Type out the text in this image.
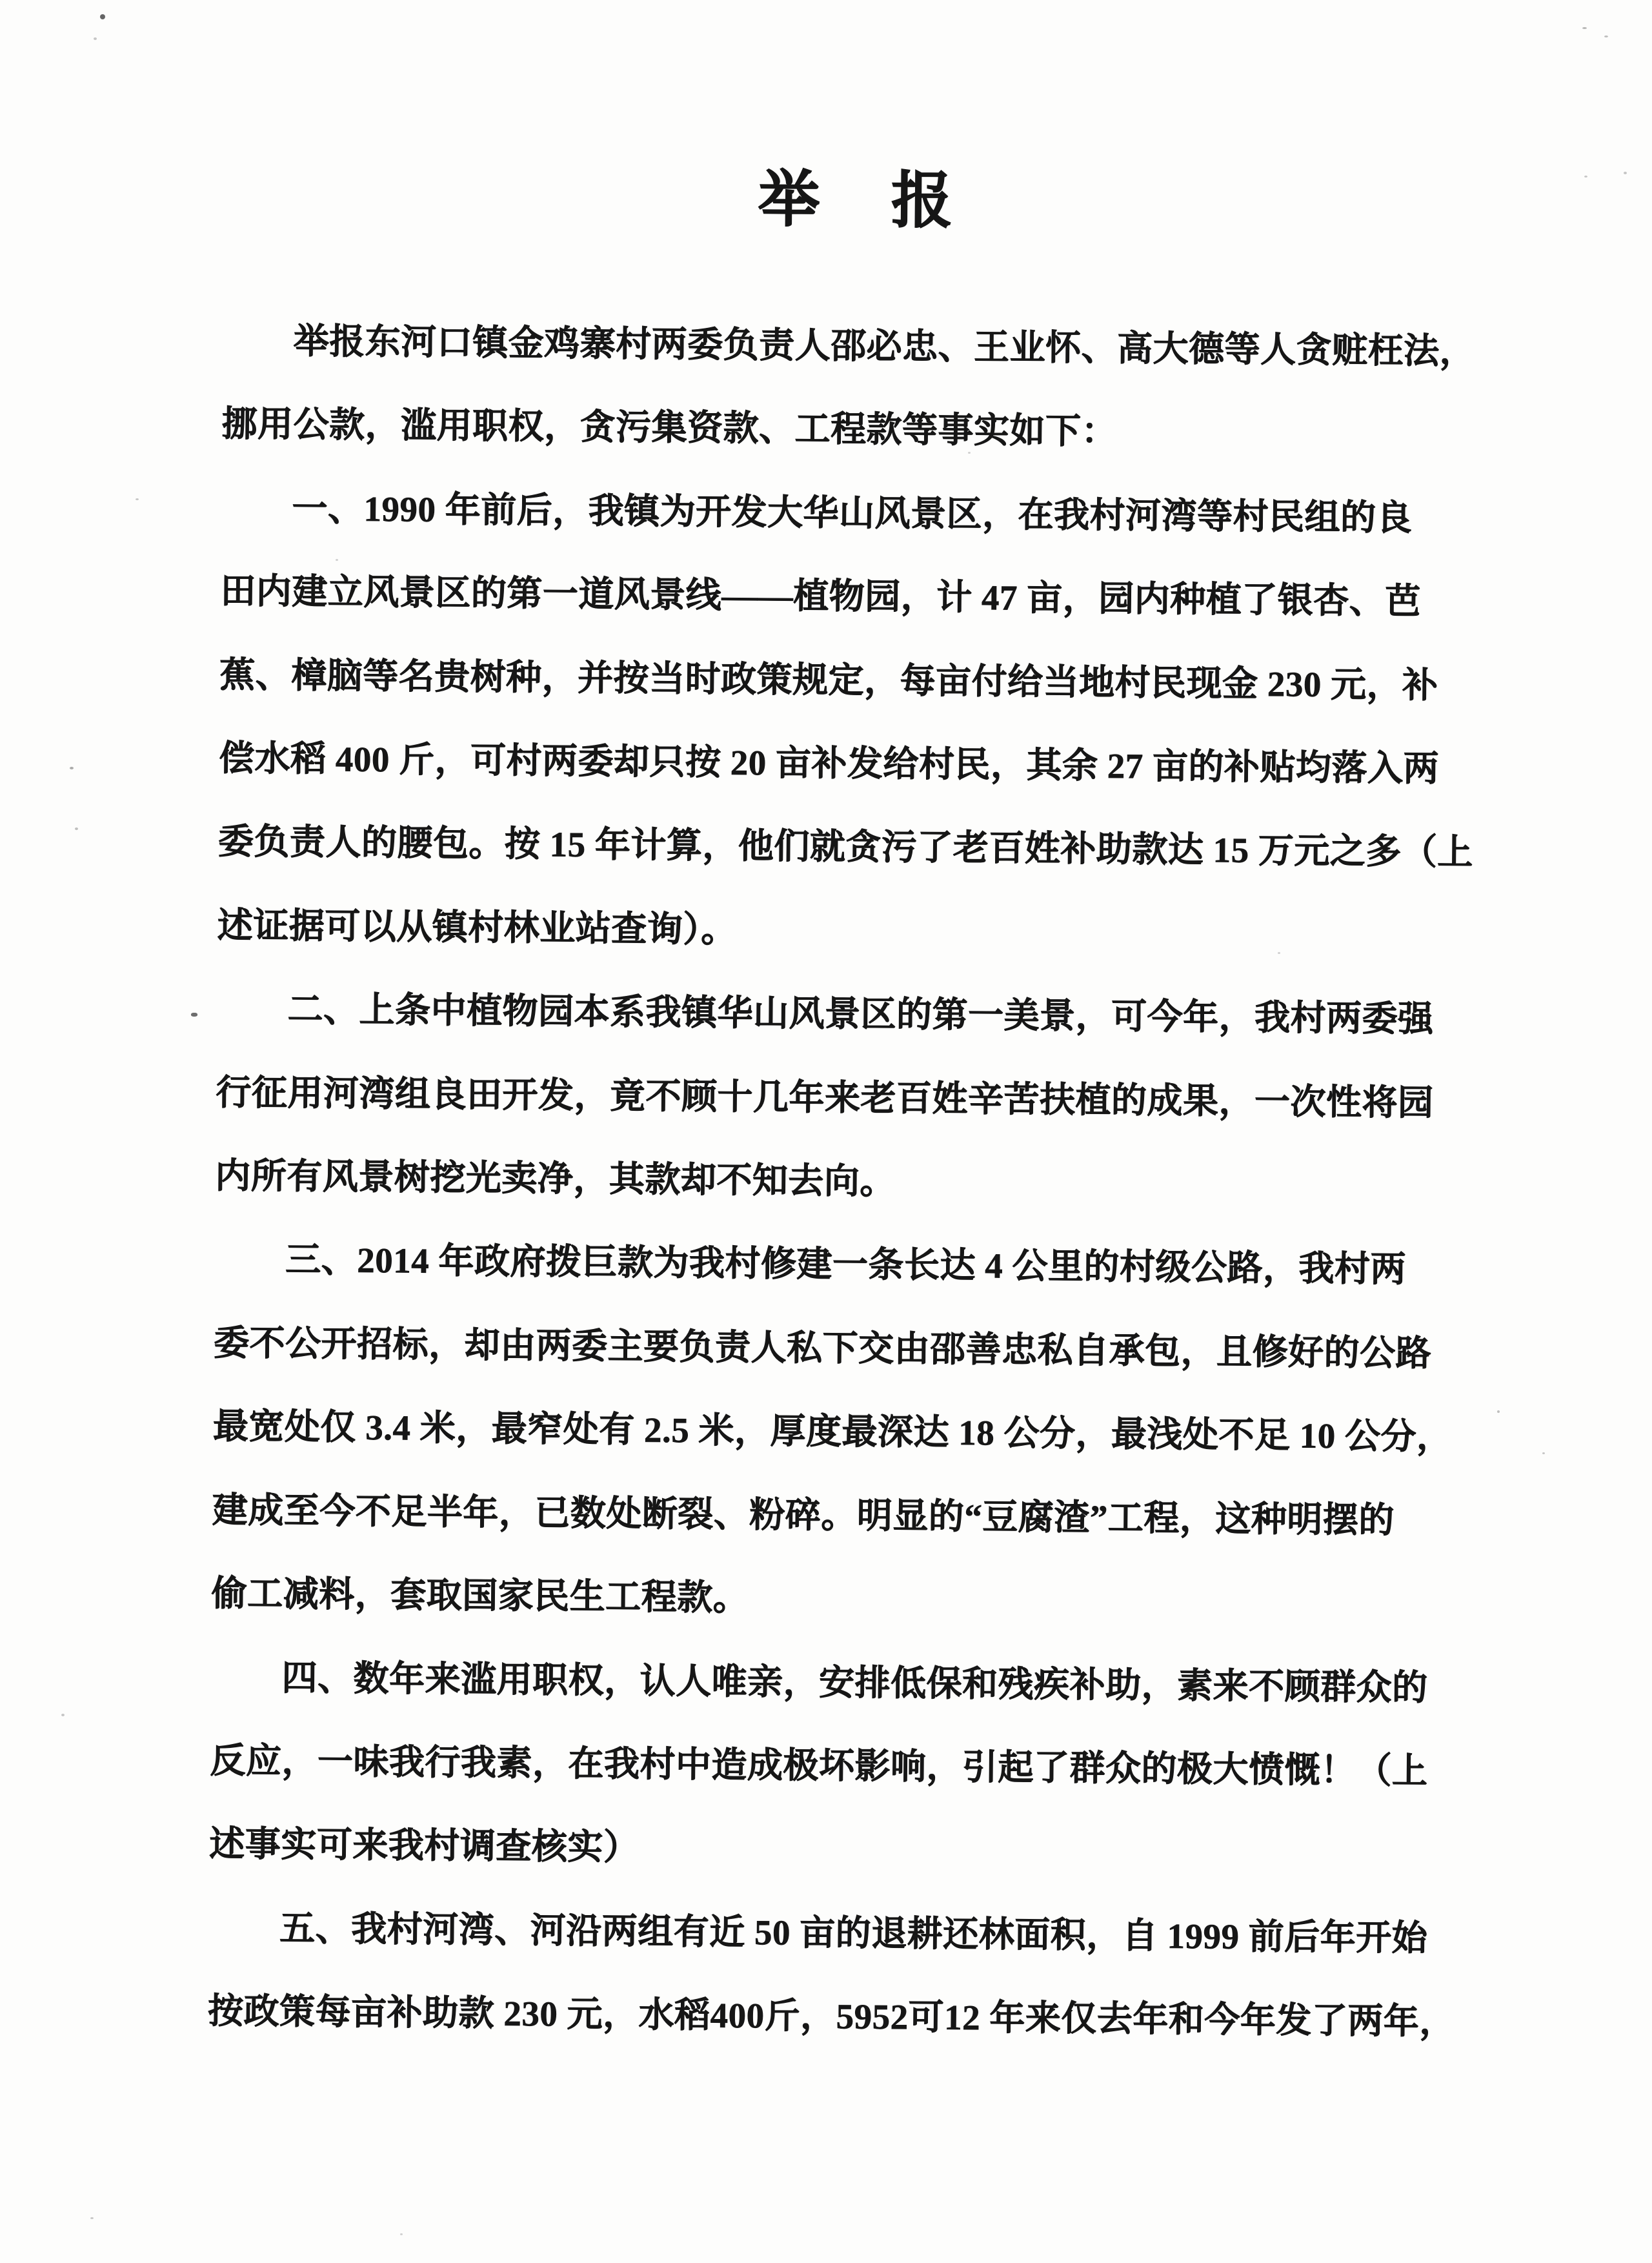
举　报
举报东河口镇金鸡寨村两委负责人邵必忠、王业怀、高大德等人贪赃枉法，
挪用公款，滥用职权，贪污集资款、工程款等事实如下：
一、1990 年前后，我镇为开发大华山风景区，在我村河湾等村民组的良
田内建立风景区的第一道风景线——植物园，计 47 亩，园内种植了银杏、芭
蕉、樟脑等名贵树种，并按当时政策规定，每亩付给当地村民现金 230 元，补
偿水稻 400 斤，可村两委却只按 20 亩补发给村民，其余 27 亩的补贴均落入两
委负责人的腰包。按 15 年计算，他们就贪污了老百姓补助款达 15 万元之多（上
述证据可以从镇村林业站查询）。
二、上条中植物园本系我镇华山风景区的第一美景，可今年，我村两委强
行征用河湾组良田开发，竟不顾十几年来老百姓辛苦扶植的成果，一次性将园
内所有风景树挖光卖净，其款却不知去向。
三、2014 年政府拨巨款为我村修建一条长达 4 公里的村级公路，我村两
委不公开招标，却由两委主要负责人私下交由邵善忠私自承包，且修好的公路
最宽处仅 3.4 米，最窄处有 2.5 米，厚度最深达 18 公分，最浅处不足 10 公分，
建成至今不足半年，已数处断裂、粉碎。明显的“豆腐渣”工程，这种明摆的
偷工减料，套取国家民生工程款。
四、数年来滥用职权，认人唯亲，安排低保和残疾补助，素来不顾群众的
反应，一味我行我素，在我村中造成极坏影响，引起了群众的极大愤慨！（上
述事实可来我村调查核实）
五、我村河湾、河沿两组有近 50 亩的退耕还林面积，自 1999 前后年开始
按政策每亩补助款 230 元，水稻400斤，5952可12 年来仅去年和今年发了两年，
